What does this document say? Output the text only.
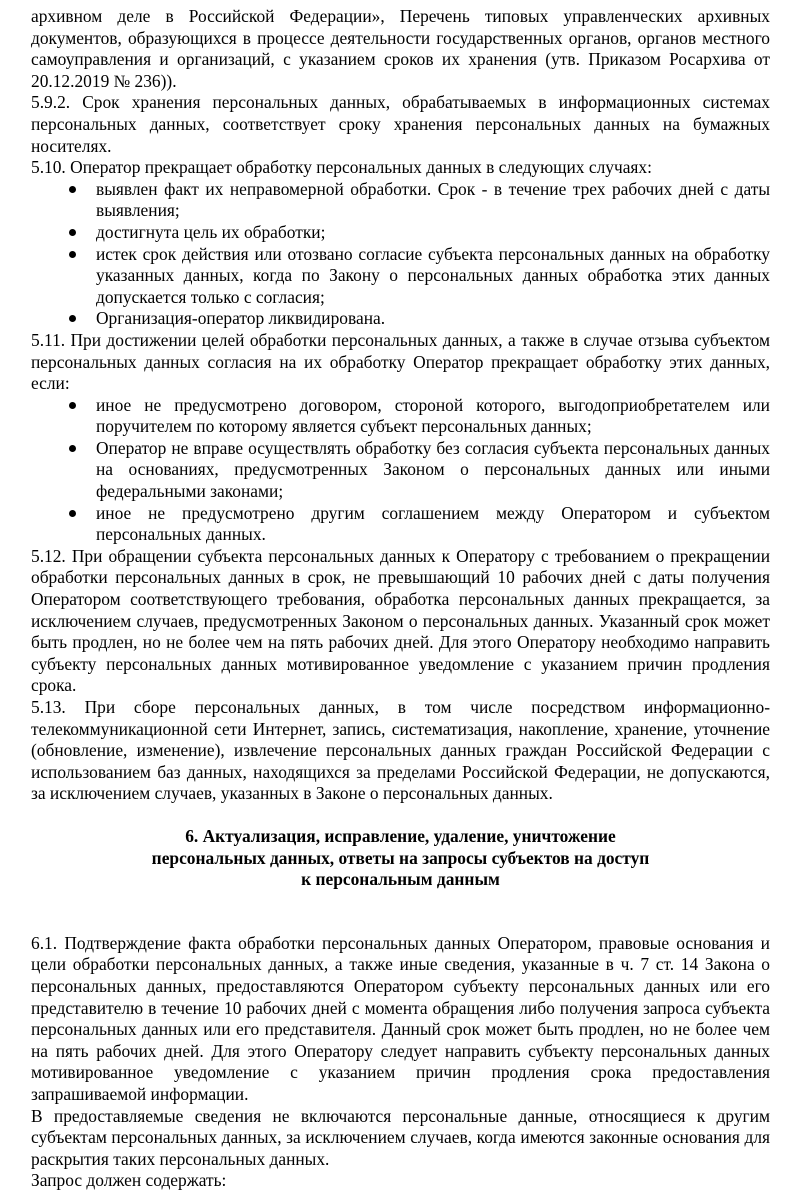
архивном деле в Российской Федерации», Перечень типовых управленческих архивных документов, образующихся в процессе деятельности государственных органов, органов местного самоуправления и организаций, с указанием сроков их хранения (утв. Приказом Росархива от 20.12.2019 № 236)).

5.9.2. Срок хранения персональных данных, обрабатываемых в информационных системах персональных данных, соответствует сроку хранения персональных данных на бумажных носителях.

5.10. Оператор прекращает обработку персональных данных в следующих случаях:

выявлен факт их неправомерной обработки. Срок - в течение трех рабочих дней с даты выявления;
достигнута цель их обработки;
истек срок действия или отозвано согласие субъекта персональных данных на обработку указанных данных, когда по Закону о персональных данных обработка этих данных допускается только с согласия;
Организация-оператор ликвидирована.

5.11. При достижении целей обработки персональных данных, а также в случае отзыва субъектом персональных данных согласия на их обработку Оператор прекращает обработку этих данных, если:

иное не предусмотрено договором, стороной которого, выгодоприобретателем или поручителем по которому является субъект персональных данных;
Оператор не вправе осуществлять обработку без согласия субъекта персональных данных на основаниях, предусмотренных Законом о персональных данных или иными федеральными законами;
иное не предусмотрено другим соглашением между Оператором и субъектом персональных данных.

5.12. При обращении субъекта персональных данных к Оператору с требованием о прекращении обработки персональных данных в срок, не превышающий 10 рабочих дней с даты получения Оператором соответствующего требования, обработка персональных данных прекращается, за исключением случаев, предусмотренных Законом о персональных данных. Указанный срок может быть продлен, но не более чем на пять рабочих дней. Для этого Оператору необходимо направить субъекту персональных данных мотивированное уведомление с указанием причин продления срока.

5.13. При сборе персональных данных, в том числе посредством информационно-телекоммуникационной сети Интернет, запись, систематизация, накопление, хранение, уточнение (обновление, изменение), извлечение персональных данных граждан Российской Федерации с использованием баз данных, находящихся за пределами Российской Федерации, не допускаются, за исключением случаев, указанных в Законе о персональных данных.

6. Актуализация, исправление, удаление, уничтожение
персональных данных, ответы на запросы субъектов на доступ
к персональным данным

6.1. Подтверждение факта обработки персональных данных Оператором, правовые основания и цели обработки персональных данных, а также иные сведения, указанные в ч. 7 ст. 14 Закона о персональных данных, предоставляются Оператором субъекту персональных данных или его представителю в течение 10 рабочих дней с момента обращения либо получения запроса субъекта персональных данных или его представителя. Данный срок может быть продлен, но не более чем на пять рабочих дней. Для этого Оператору следует направить субъекту персональных данных мотивированное уведомление с указанием причин продления срока предоставления запрашиваемой информации.

В предоставляемые сведения не включаются персональные данные, относящиеся к другим субъектам персональных данных, за исключением случаев, когда имеются законные основания для раскрытия таких персональных данных.

Запрос должен содержать:
